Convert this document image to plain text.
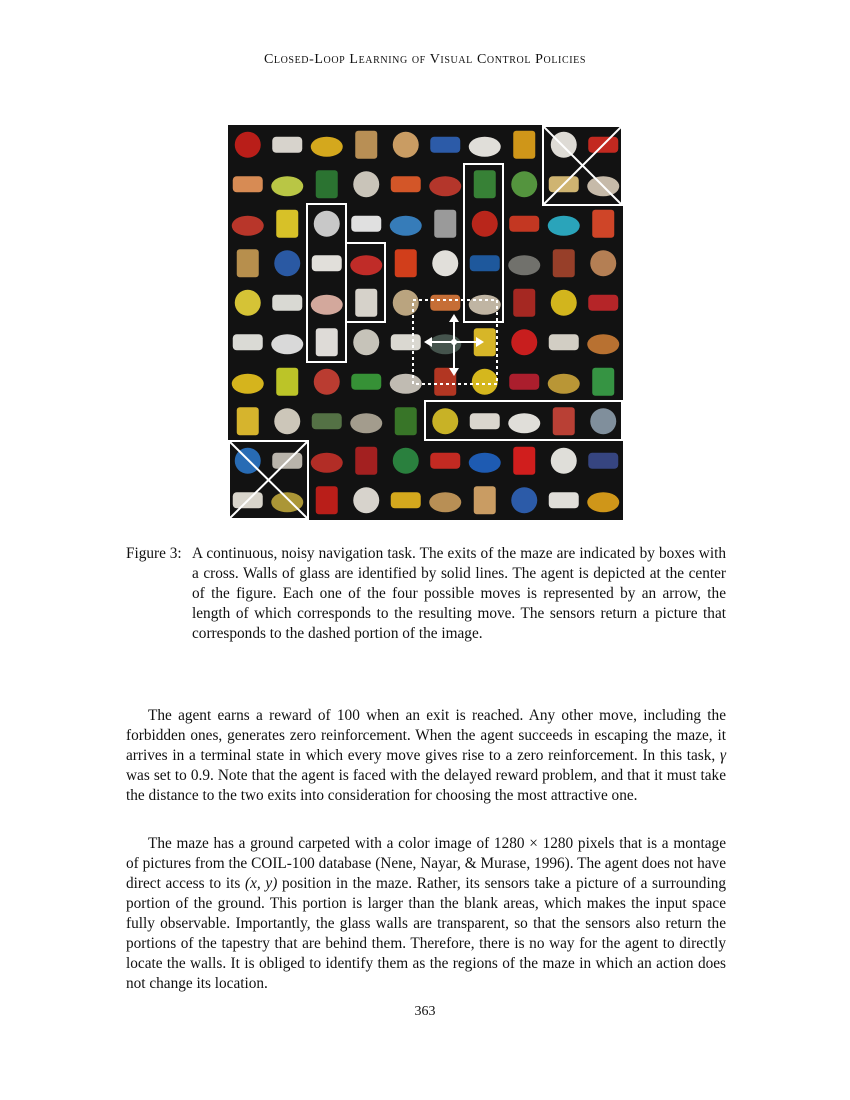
Closed-Loop Learning of Visual Control Policies
Figure 3: A continuous, noisy navigation task. The exits of the maze are indicated by boxes with a cross. Walls of glass are identified by solid lines. The agent is depicted at the center of the figure. Each one of the four possible moves is represented by an arrow, the length of which corresponds to the resulting move. The sensors return a picture that corresponds to the dashed portion of the image.

The agent earns a reward of 100 when an exit is reached. Any other move, including the forbidden ones, generates zero reinforcement. When the agent succeeds in escaping the maze, it arrives in a terminal state in which every move gives rise to a zero reinforcement. In this task, γ was set to 0.9. Note that the agent is faced with the delayed reward problem, and that it must take the distance to the two exits into consideration for choosing the most attractive one.

The maze has a ground carpeted with a color image of 1280 × 1280 pixels that is a montage of pictures from the COIL-100 database (Nene, Nayar, & Murase, 1996). The agent does not have direct access to its (x, y) position in the maze. Rather, its sensors take a picture of a surrounding portion of the ground. This portion is larger than the blank areas, which makes the input space fully observable. Importantly, the glass walls are transparent, so that the sensors also return the portions of the tapestry that are behind them. Therefore, there is no way for the agent to directly locate the walls. It is obliged to identify them as the regions of the maze in which an action does not change its location.

363
